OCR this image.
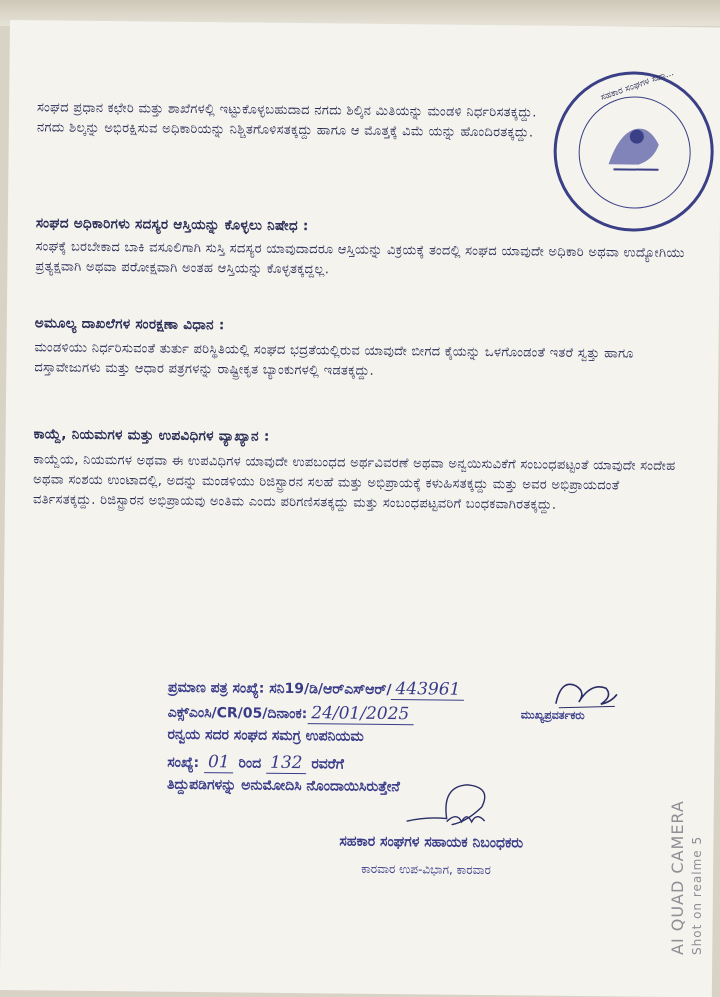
ಸಂಘದ ಪ್ರಧಾನ ಕಛೇರಿ ಮತ್ತು ಶಾಖೆಗಳಲ್ಲಿ ಇಟ್ಟುಕೊಳ್ಳಬಹುದಾದ ನಗದು ಶಿಲ್ಕಿನ ಮಿತಿಯನ್ನು ಮಂಡಳಿ ನಿರ್ಧರಿಸತಕ್ಕದ್ದು. ನಗದು ಶಿಲ್ಕನ್ನು ಅಭಿರಕ್ಷಿಸುವ ಅಧಿಕಾರಿಯನ್ನು ನಿಶ್ಚಿತಗೊಳಿಸತಕ್ಕದ್ದು ಹಾಗೂ ಆ ಮೊತ್ತಕ್ಕೆ ವಿಮೆ ಯನ್ನು ಹೊಂದಿರತಕ್ಕದ್ದು.
ಸಂಘದ ಅಧಿಕಾರಿಗಳು ಸದಸ್ಯರ ಆಸ್ತಿಯನ್ನು ಕೊಳ್ಳಲು ನಿಷೇಧ :
ಸಂಘಕ್ಕೆ ಬರಬೇಕಾದ ಬಾಕಿ ವಸೂಲಿಗಾಗಿ ಸುಸ್ತಿ ಸದಸ್ಯರ ಯಾವುದಾದರೂ ಆಸ್ತಿಯನ್ನು ವಿಕ್ರಯಕ್ಕೆ ತಂದಲ್ಲಿ ಸಂಘದ ಯಾವುದೇ ಅಧಿಕಾರಿ ಅಥವಾ ಉದ್ಯೋಗಿಯು ಪ್ರತ್ಯಕ್ಷವಾಗಿ ಅಥವಾ ಪರೋಕ್ಷವಾಗಿ ಅಂತಹ ಆಸ್ತಿಯನ್ನು ಕೊಳ್ಳತಕ್ಕದ್ದಲ್ಲ.
ಅಮೂಲ್ಯ ದಾಖಲೆಗಳ ಸಂರಕ್ಷಣಾ ವಿಧಾನ :
ಮಂಡಳಿಯು ನಿರ್ಧರಿಸುವಂತೆ ತುರ್ತು ಪರಿಸ್ಥಿತಿಯಲ್ಲಿ ಸಂಘದ ಭದ್ರತೆಯಲ್ಲಿರುವ ಯಾವುದೇ ಬೀಗದ ಕೈಯನ್ನು ಒಳಗೊಂಡಂತೆ ಇತರೆ ಸ್ವತ್ತು ಹಾಗೂ ದಸ್ತಾವೇಜುಗಳು ಮತ್ತು ಆಧಾರ ಪತ್ರಗಳನ್ನು ರಾಷ್ಟ್ರೀಕೃತ ಬ್ಯಾಂಕುಗಳಲ್ಲಿ ಇಡತಕ್ಕದ್ದು.
ಕಾಯ್ದೆ, ನಿಯಮಗಳ ಮತ್ತು ಉಪವಿಧಿಗಳ ವ್ಯಾಖ್ಯಾನ :
ಕಾಯ್ದೆಯ, ನಿಯಮಗಳ ಅಥವಾ ಈ ಉಪವಿಧಿಗಳ ಯಾವುದೇ ಉಪಬಂಧದ ಅರ್ಥವಿವರಣೆ ಅಥವಾ ಅನ್ವಯಿಸುವಿಕೆಗೆ ಸಂಬಂಧಪಟ್ಟಂತೆ ಯಾವುದೇ ಸಂದೇಹ ಅಥವಾ ಸಂಶಯ ಉಂಟಾದಲ್ಲಿ, ಅದನ್ನು ಮಂಡಳಿಯು ರಿಜಿಸ್ಟ್ರಾರನ ಸಲಹೆ ಮತ್ತು ಅಭಿಪ್ರಾಯಕ್ಕೆ ಕಳುಹಿಸತಕ್ಕದ್ದು ಮತ್ತು ಅವರ ಅಭಿಪ್ರಾಯದಂತೆ ವರ್ತಿಸತಕ್ಕದ್ದು. ರಿಜಿಸ್ಟ್ರಾರನ ಅಭಿಪ್ರಾಯವು ಅಂತಿಮ ಎಂದು ಪರಿಗಣಿಸತಕ್ಕದ್ದು ಮತ್ತು ಸಂಬಂಧಪಟ್ಟವರಿಗೆ ಬಂಧಕವಾಗಿರತಕ್ಕದ್ದು.
ಸಹಕಾರ ಸಂಘಗಳ ಸಹಾ...
ಪ್ರಮಾಣ ಪತ್ರ ಸಂಖ್ಯೆ: ಸನಿ19/ಡಿ/ಆರ್‌ಎಸ್‌ಆರ್/ 443961
ಎಕ್ಸ್‌ಎಂಸಿ/CR/05/ದಿನಾಂಕ: 24/01/2025
ರನ್ವಯ ಸದರ ಸಂಘದ ಸಮಗ್ರ ಉಪನಿಯಮ
ಸಂಖ್ಯೆ: 01 ರಿಂದ 132 ರವರೆಗೆ
ತಿದ್ದುಪಡಿಗಳನ್ನು ಅನುಮೋದಿಸಿ ನೊಂದಾಯಿಸಿರುತ್ತೇನೆ
ಮುಖ್ಯಪ್ರವರ್ತಕರು
ಸಹಕಾರ ಸಂಘಗಳ ಸಹಾಯಕ ನಿಬಂಧಕರು
ಕಾರವಾರ ಉಪ-ವಿಭಾಗ, ಕಾರವಾರ	AI QUAD CAMERA Shot on realme 5
